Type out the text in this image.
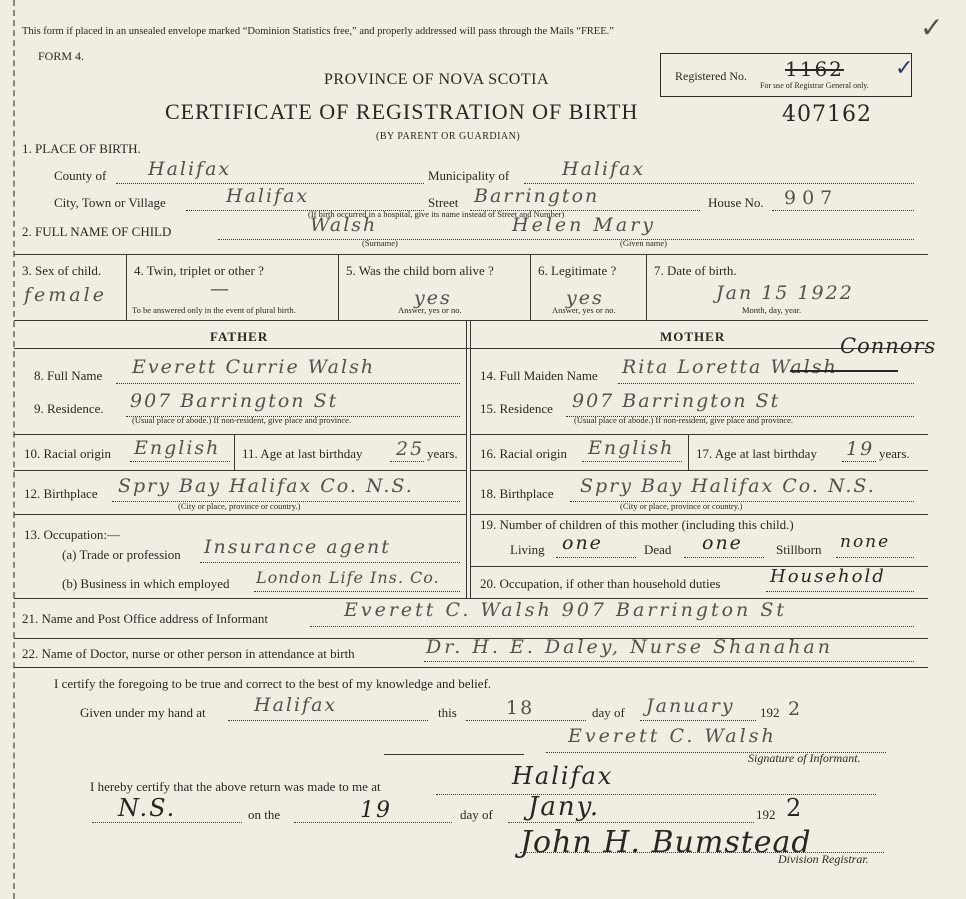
This form if placed in an unsealed envelope marked “Dominion Statistics free,” and properly addressed will pass through the Mails “FREE.”
FORM 4.
PROVINCE OF NOVA SCOTIA
CERTIFICATE OF REGISTRATION OF BIRTH
(BY PARENT OR GUARDIAN)
407162
✓
Registered No. 1162 ✓
For use of Registrar General only.
1. PLACE OF BIRTH.
County of Halifax	Municipality of	Halifax
City, Town or Village	Halifax	Street Barrington	House No. 907
(If birth occurred in a hospital, give its name instead of Street and Number)
2. FULL NAME OF CHILD	Walsh	Helen Mary
(Surname)	(Given name)
3. Sex of child.
female
4. Twin, triplet or other ?
—
To be answered only in the event of plural birth.
5. Was the child born alive ?
yes
Answer, yes or no.
6. Legitimate ?
yes
Answer, yes or no.
7. Date of birth.
Jan 15 1922
Month, day, year.
FATHER	MOTHER
8. Full Name Everett Currie Walsh
9. Residence. 907 Barrington St
(Usual place of abode.) If non-resident, give place and province.
10. Racial origin English 11. Age at last birthday 25 years.
12. Birthplace Spry Bay Halifax Co. N.S.
(City or place, province or country.)
13. Occupation:—
(a) Trade or profession Insurance agent
(b) Business in which employed London Life Ins. Co.
14. Full Maiden Name Rita Loretta Walsh
Connors
15. Residence 907 Barrington St
(Usual place of abode.) If non-resident, give place and province.
16. Racial origin English 17. Age at last birthday 19 years.
18. Birthplace Spry Bay Halifax Co. N.S.
(City or place, province or country.)
19. Number of children of this mother (including this child.)
Living one	Dead one	Stillborn none
20. Occupation, if other than household duties	Household
21. Name and Post Office address of Informant	Everett C. Walsh 907 Barrington St
22. Name of Doctor, nurse or other person in attendance at birth	Dr. H. E. Daley, Nurse Shanahan
I certify the foregoing to be true and correct to the best of my knowledge and belief.
Given under my hand at	Halifax	this	18	day of January 192 2
Everett C. Walsh
Signature of Informant.
I hereby certify that the above return was made to me at	Halifax
N.S.	on the	19	day of Jany.	192 2
John H. Bumstead
Division Registrar.
